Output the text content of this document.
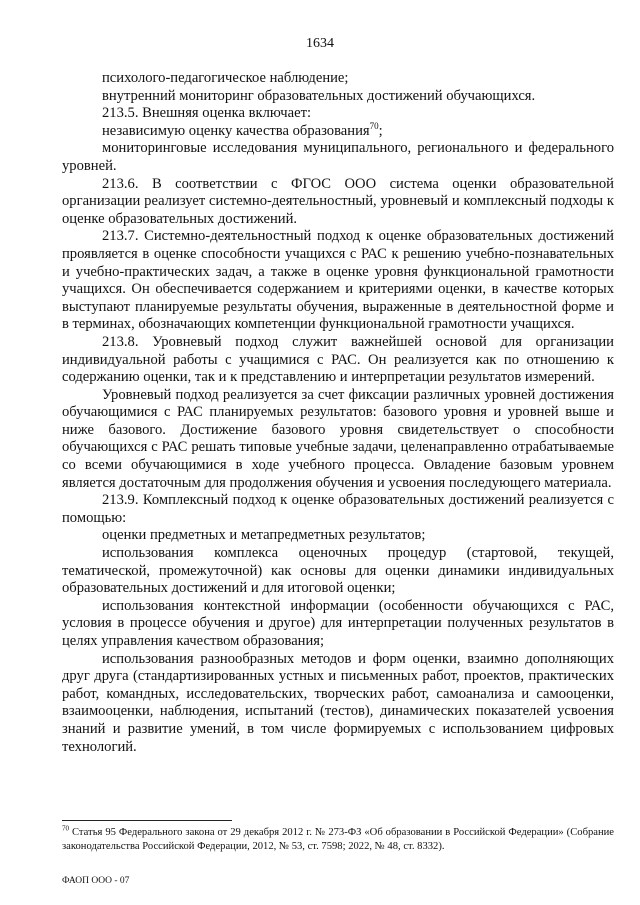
1634

психолого-педагогическое наблюдение;

внутренний мониторинг образовательных достижений обучающихся.

213.5. Внешняя оценка включает:

независимую оценку качества образования$^{70}$;

мониторинговые исследования муниципального, регионального и федерального уровней.

213.6. В соответствии с ФГОС ООО система оценки образовательной организации реализует системно-деятельностный, уровневый и комплексный подходы к оценке образовательных достижений.

213.7. Системно-деятельностный подход к оценке образовательных достижений проявляется в оценке способности учащихся с РАС к решению учебно-познавательных и учебно-практических задач, а также в оценке уровня функциональной грамотности учащихся. Он обеспечивается содержанием и критериями оценки, в качестве которых выступают планируемые результаты обучения, выраженные в деятельностной форме и в терминах, обозначающих компетенции функциональной грамотности учащихся.

213.8. Уровневый подход служит важнейшей основой для организации индивидуальной работы с учащимися с РАС. Он реализуется как по отношению к содержанию оценки, так и к представлению и интерпретации результатов измерений.

Уровневый подход реализуется за счет фиксации различных уровней достижения обучающимися с РАС планируемых результатов: базового уровня и уровней выше и ниже базового. Достижение базового уровня свидетельствует о способности обучающихся с РАС решать типовые учебные задачи, целенаправленно отрабатываемые со всеми обучающимися в ходе учебного процесса. Овладение базовым уровнем является достаточным для продолжения обучения и усвоения последующего материала.

213.9. Комплексный подход к оценке образовательных достижений реализуется с помощью:

оценки предметных и метапредметных результатов;

использования комплекса оценочных процедур (стартовой, текущей, тематической, промежуточной) как основы для оценки динамики индивидуальных образовательных достижений и для итоговой оценки;

использования контекстной информации (особенности обучающихся с РАС, условия в процессе обучения и другое) для интерпретации полученных результатов в целях управления качеством образования;

использования разнообразных методов и форм оценки, взаимно дополняющих друг друга (стандартизированных устных и письменных работ, проектов, практических работ, командных, исследовательских, творческих работ, самоанализа и самооценки, взаимооценки, наблюдения, испытаний (тестов), динамических показателей усвоения знаний и развитие умений, в том числе формируемых с использованием цифровых технологий.

$^{70}$ Статья 95 Федерального закона от 29 декабря 2012 г. № 273-ФЗ «Об образовании в Российской Федерации» (Собрание законодательства Российской Федерации, 2012, № 53, ст. 7598; 2022, № 48, ст. 8332).
ФАОП ООО - 07
